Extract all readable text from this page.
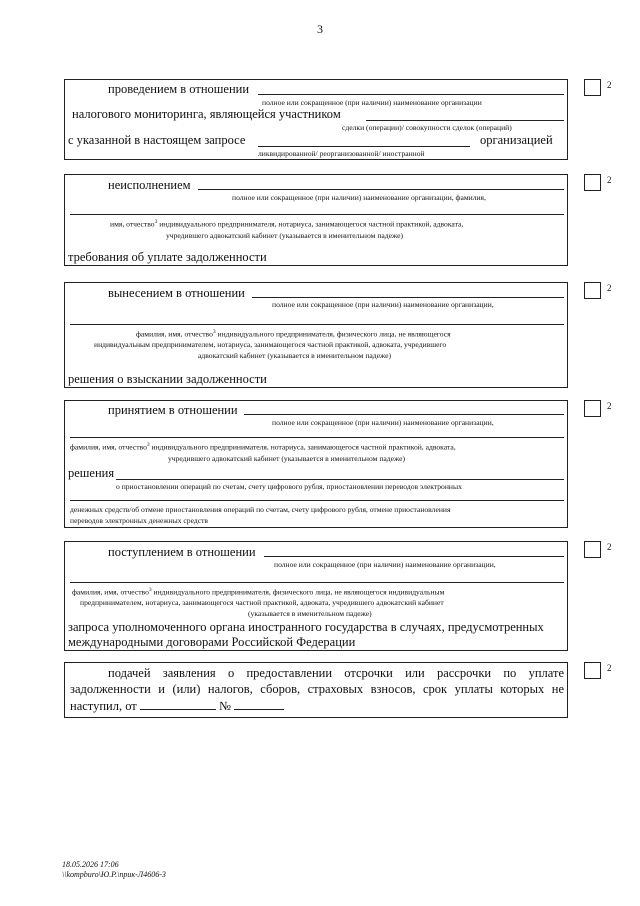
3
2
проведением в отношении
полное или сокращенное (при наличии) наименование организации
налогового мониторинга, являющейся участником
сделки (операции)/ совокупности сделок (операций)
с указанной в настоящем запросе	организацией
ликвидированной/ реорганизованной/ иностранной
2
неисполнением
полное или сокращенное (при наличии) наименование организации, фамилия,
имя, отчество$^3$ индивидуального предпринимателя, нотариуса, занимающегося частной практикой, адвоката,
учредившего адвокатский кабинет (указывается в именительном падеже)
требования об уплате задолженности
2
вынесением в отношении
полное или сокращенное (при наличии) наименование организации,
фамилия, имя, отчество$^3$ индивидуального предпринимателя, физического лица, не являющегося
индивидуальным предпринимателем, нотариуса, занимающегося частной практикой, адвоката, учредившего
адвокатский кабинет (указывается в именительном падеже)
решения о взыскании задолженности
2
принятием в отношении
полное или сокращенное (при наличии) наименование организации,
фамилия, имя, отчество$^3$ индивидуального предпринимателя, нотариуса, занимающегося частной практикой, адвоката,
учредившего адвокатский кабинет (указывается в именительном падеже)
решения
о приостановлении операций по счетам, счету цифрового рубля, приостановлении переводов электронных
денежных средств/об отмене приостановления операций по счетам, счету цифрового рубля, отмене приостановления
переводов электронных денежных средств
2
поступлением в отношении
полное или сокращенное (при наличии) наименование организации,
фамилия, имя, отчество$^3$ индивидуального предпринимателя, физического лица, не являющегося индивидуальным
предпринимателем, нотариуса, занимающегося частной практикой, адвоката, учредившего адвокатский кабинет
(указывается в именительном падеже)
запроса уполномоченного органа иностранного государства в случаях, предусмотренных
международными договорами Российской Федерации
2
подачей заявления о предоставлении отсрочки или рассрочки по уплате задолженности и (или) налогов, сборов, страховых взносов, срок уплаты которых не наступил, от	№
18.05.2026 17:06
\\kompburo\Ю.Р.\прик-Л4606-3
